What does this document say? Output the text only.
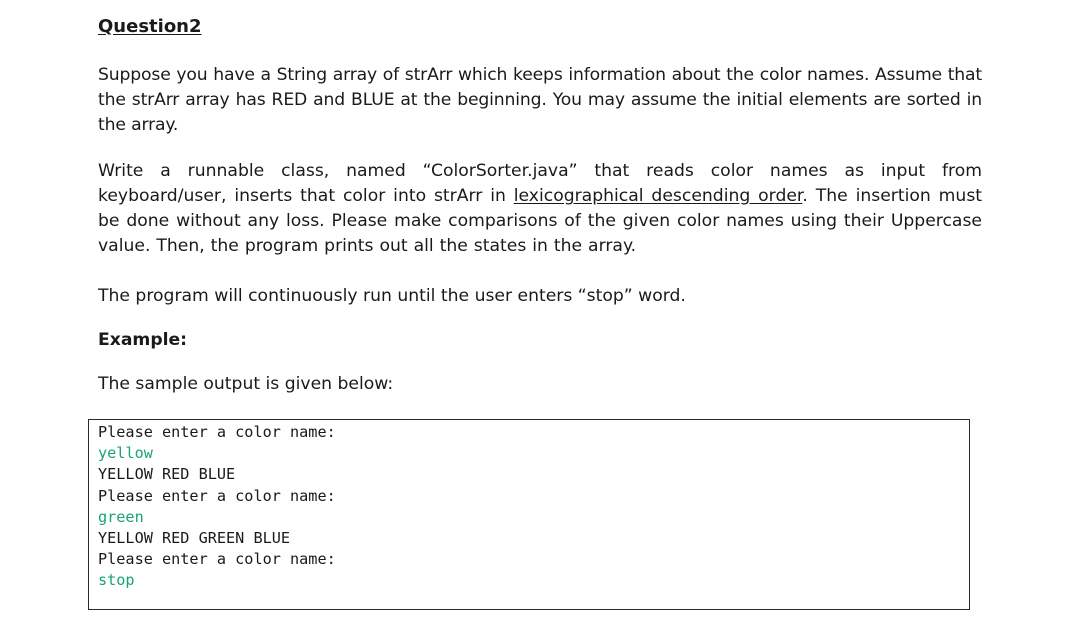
Question2

Suppose you have a String array of strArr which keeps information about the color names. Assume that the strArr array has RED and BLUE at the beginning. You may assume the initial elements are sorted in the array.

Write a runnable class, named “ColorSorter.java” that reads color names as input from keyboard/user, inserts that color into strArr in lexicographical descending order. The insertion must be done without any loss. Please make comparisons of the given color names using their Uppercase value. Then, the program prints out all the states in the array.

The program will continuously run until the user enters “stop” word.

Example:

The sample output is given below:

Please enter a color name:
yellow
YELLOW RED BLUE
Please enter a color name:
green
YELLOW RED GREEN BLUE
Please enter a color name:
stop
